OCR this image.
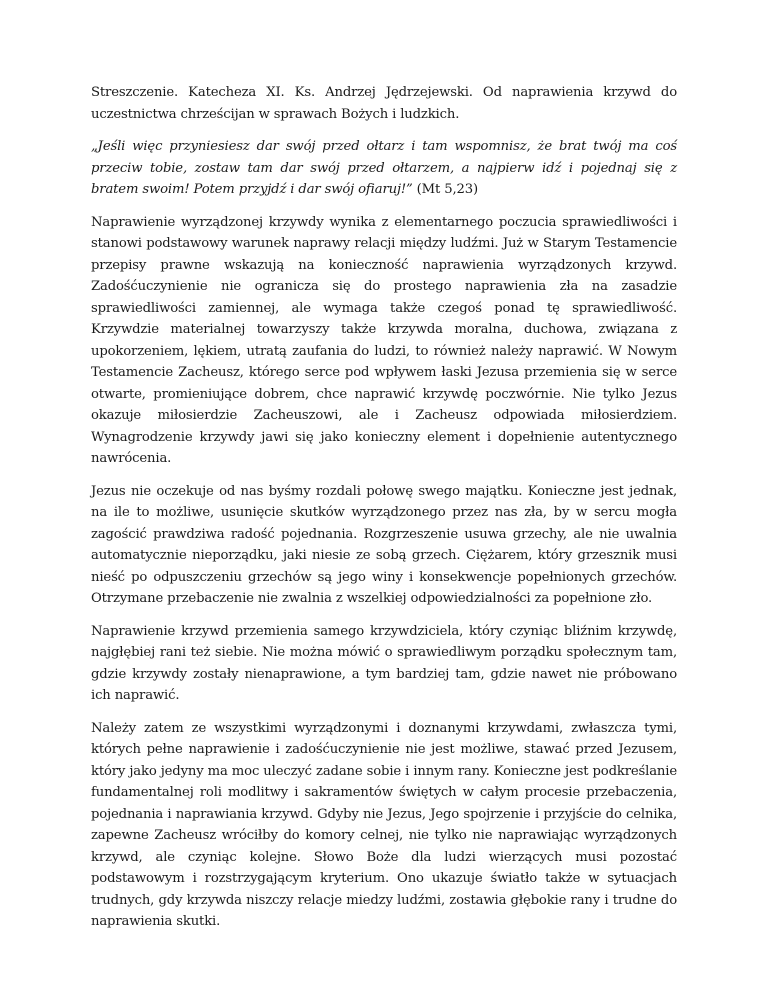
Streszczenie. Katecheza XI. Ks. Andrzej Jędrzejewski. Od naprawienia krzywd do uczestnictwa chrześcijan w sprawach Bożych i ludzkich.

„Jeśli więc przyniesiesz dar swój przed ołtarz i tam wspomnisz, że brat twój ma coś przeciw tobie, zostaw tam dar swój przed ołtarzem, a najpierw idź i pojednaj się z bratem swoim! Potem przyjdź i dar swój ofiaruj!” (Mt 5,23)

Naprawienie wyrządzonej krzywdy wynika z elementarnego poczucia sprawiedliwości i stanowi podstawowy warunek naprawy relacji między ludźmi. Już w Starym Testamencie przepisy prawne wskazują na konieczność naprawienia wyrządzonych krzywd. Zadośćuczynienie nie ogranicza się do prostego naprawienia zła na zasadzie sprawiedliwości zamiennej, ale wymaga także czegoś ponad tę sprawiedliwość. Krzywdzie materialnej towarzyszy także krzywda moralna, duchowa, związana z upokorzeniem, lękiem, utratą zaufania do ludzi, to również należy naprawić. W Nowym Testamencie Zacheusz, którego serce pod wpływem łaski Jezusa przemienia się w serce otwarte, promieniujące dobrem, chce naprawić krzywdę poczwórnie. Nie tylko Jezus okazuje miłosierdzie Zacheuszowi, ale i Zacheusz odpowiada miłosierdziem. Wynagrodzenie krzywdy jawi się jako konieczny element i dopełnienie autentycznego nawrócenia.

Jezus nie oczekuje od nas byśmy rozdali połowę swego majątku. Konieczne jest jednak, na ile to możliwe, usunięcie skutków wyrządzonego przez nas zła, by w sercu mogła zagościć prawdziwa radość pojednania. Rozgrzeszenie usuwa grzechy, ale nie uwalnia automatycznie nieporządku, jaki niesie ze sobą grzech. Ciężarem, który grzesznik musi nieść po odpuszczeniu grzechów są jego winy i konsekwencje popełnionych grzechów. Otrzymane przebaczenie nie zwalnia z wszelkiej odpowiedzialności za popełnione zło.

Naprawienie krzywd przemienia samego krzywdziciela, który czyniąc bliźnim krzywdę, najgłębiej rani też siebie. Nie można mówić o sprawiedliwym porządku społecznym tam, gdzie krzywdy zostały nienaprawione, a tym bardziej tam, gdzie nawet nie próbowano ich naprawić.

Należy zatem ze wszystkimi wyrządzonymi i doznanymi krzywdami, zwłaszcza tymi, których pełne naprawienie i zadośćuczynienie nie jest możliwe, stawać przed Jezusem, który jako jedyny ma moc uleczyć zadane sobie i innym rany. Konieczne jest podkreślanie fundamentalnej roli modlitwy i sakramentów świętych w całym procesie przebaczenia, pojednania i naprawiania krzywd. Gdyby nie Jezus, Jego spojrzenie i przyjście do celnika, zapewne Zacheusz wróciłby do komory celnej, nie tylko nie naprawiając wyrządzonych krzywd, ale czyniąc kolejne. Słowo Boże dla ludzi wierzących musi pozostać podstawowym i rozstrzygającym kryterium. Ono ukazuje światło także w sytuacjach trudnych, gdy krzywda niszczy relacje miedzy ludźmi, zostawia głębokie rany i trudne do naprawienia skutki.
